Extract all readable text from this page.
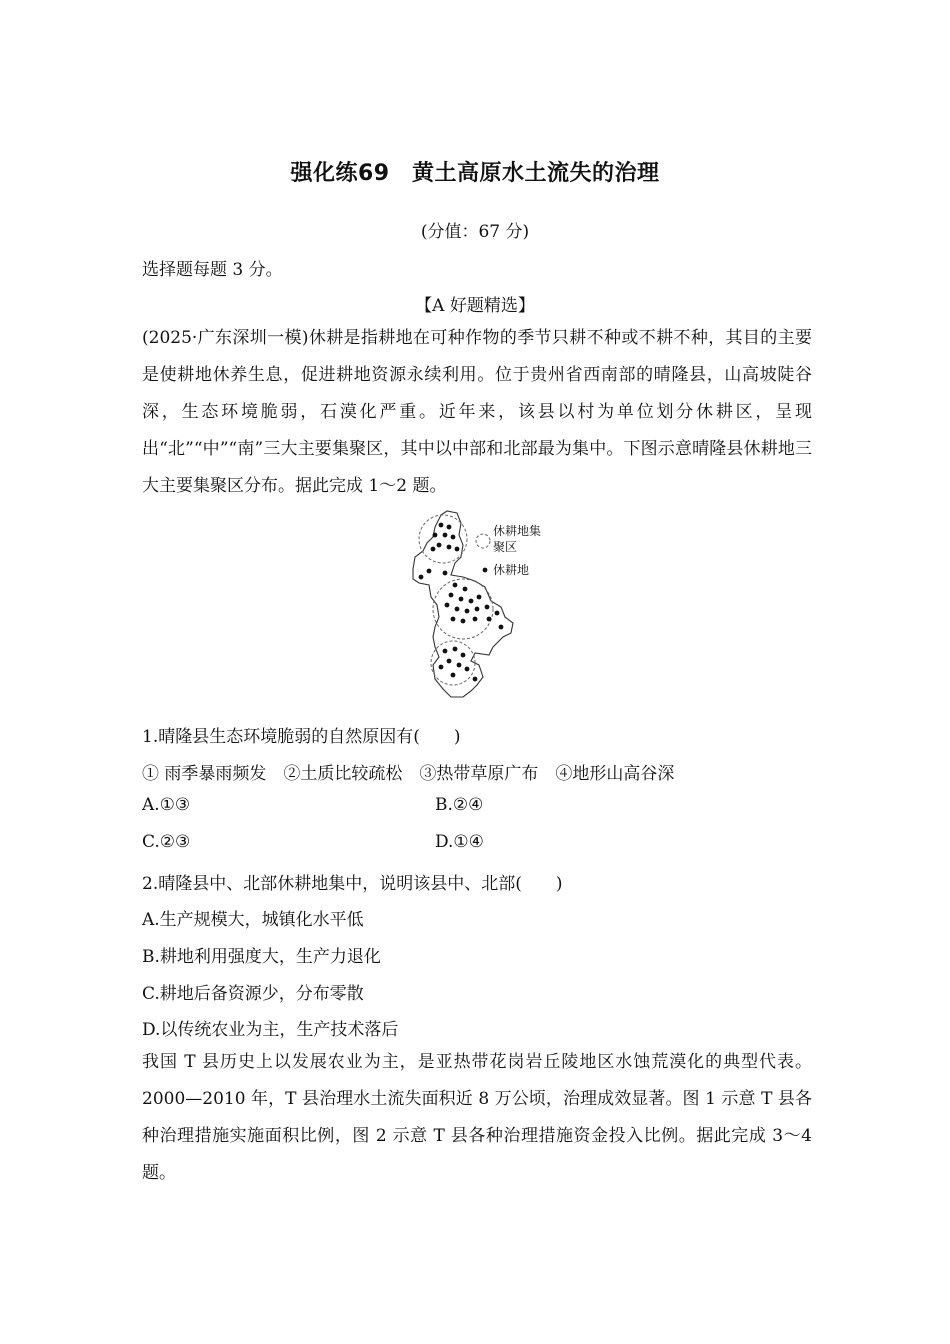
强化练69　黄土高原水土流失的治理
(分值：67 分)
选择题每题 3 分。
【A 好题精选】
(2025·广东深圳一模)休耕是指耕地在可种作物的季节只耕不种或不耕不种，其目的主要是使耕地休养生息，促进耕地资源永续利用。位于贵州省西南部的晴隆县，山高坡陡谷深，生态环境脆弱，石漠化严重。近年来，该县以村为单位划分休耕区，呈现出“北”“中”“南”三大主要集聚区，其中以中部和北部最为集中。下图示意晴隆县休耕地三大主要集聚区分布。据此完成 1～2 题。
休耕地集
聚区
休耕地
1.晴隆县生态环境脆弱的自然原因有(　　)
① 雨季暴雨频发　②土质比较疏松　③热带草原广布　④地形山高谷深
A.①③	B.②④
C.②③	D.①④
2.晴隆县中、北部休耕地集中，说明该县中、北部(　　)
A.生产规模大，城镇化水平低
B.耕地利用强度大，生产力退化
C.耕地后备资源少，分布零散
D.以传统农业为主，生产技术落后
我国 T 县历史上以发展农业为主，是亚热带花岗岩丘陵地区水蚀荒漠化的典型代表。2000—2010 年，T 县治理水土流失面积近 8 万公顷，治理成效显著。图 1 示意 T 县各种治理措施实施面积比例，图 2 示意 T 县各种治理措施资金投入比例。据此完成 3～4 题。
